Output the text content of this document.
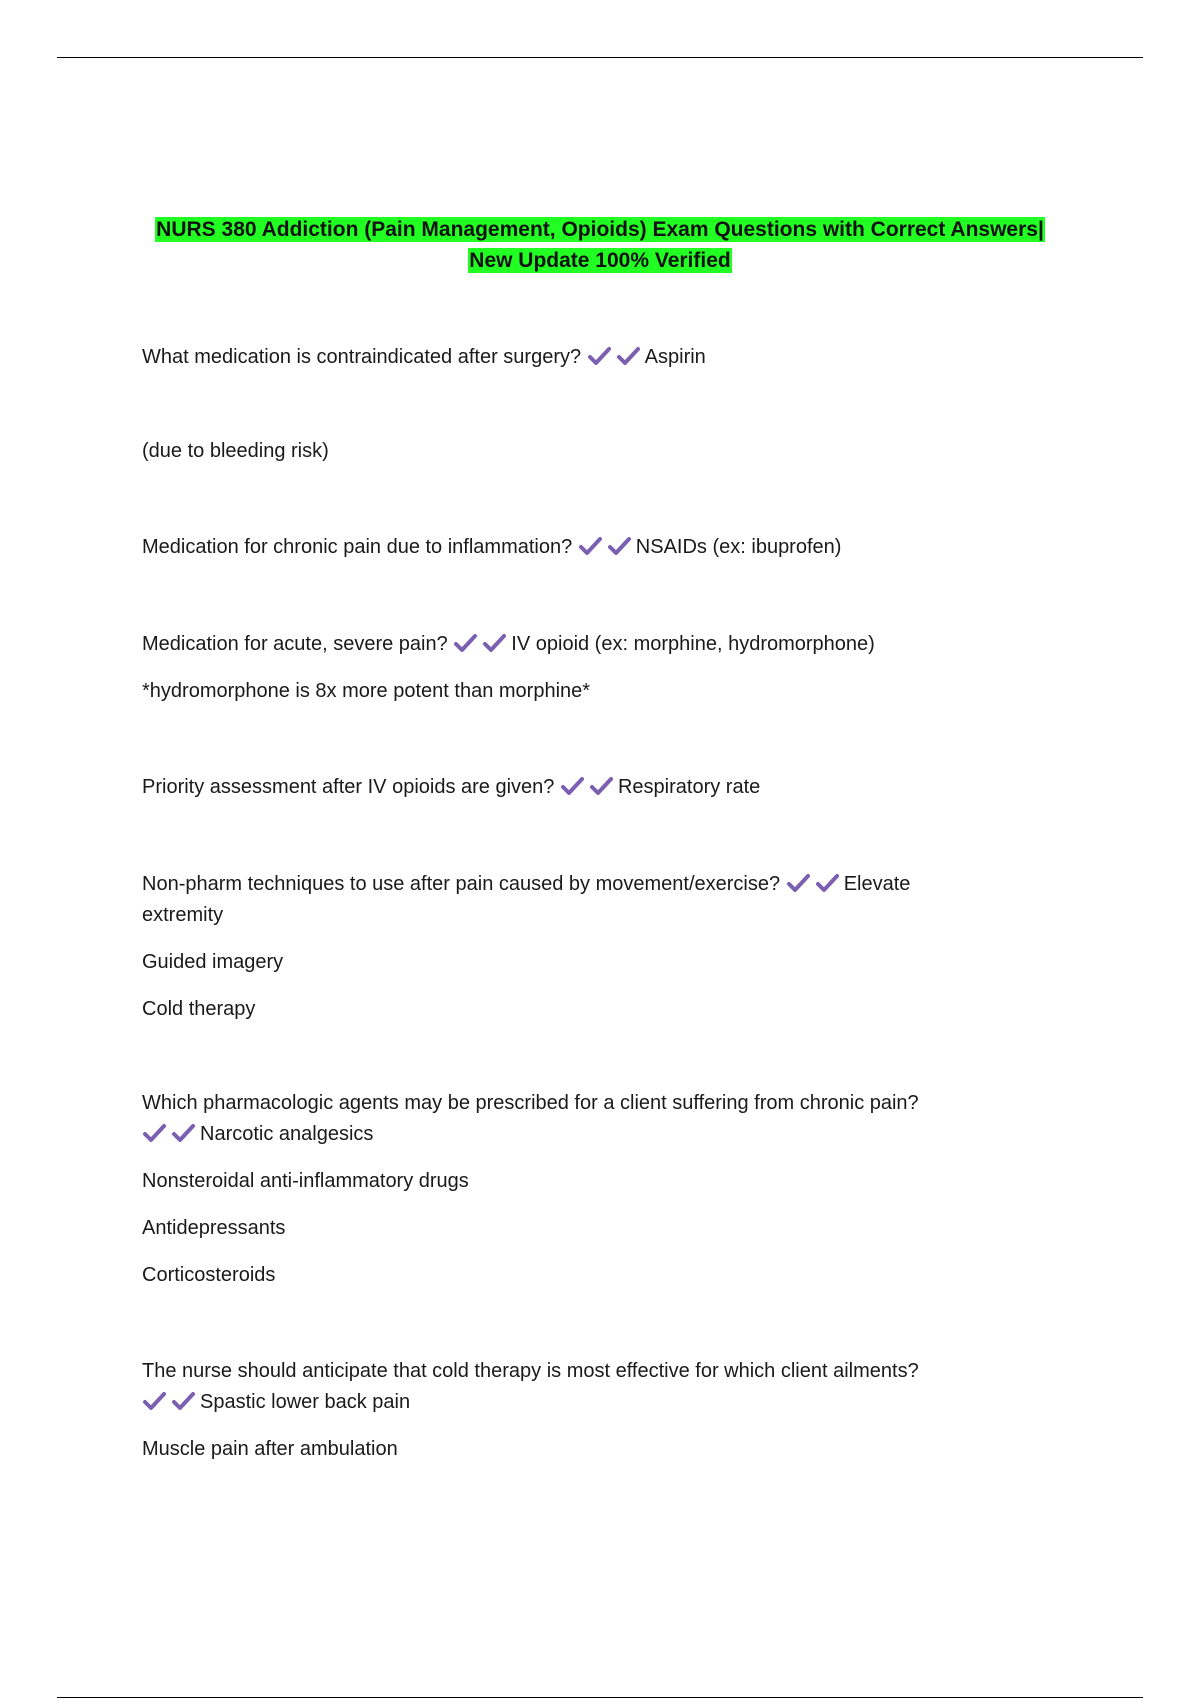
NURS 380 Addiction (Pain Management, Opioids) Exam Questions with Correct Answers|
New Update 100% Verified
What medication is contraindicated after surgery?	Aspirin
(due to bleeding risk)
Medication for chronic pain due to inflammation?	NSAIDs (ex: ibuprofen)
Medication for acute, severe pain?	IV opioid (ex: morphine, hydromorphone)
*hydromorphone is 8x more potent than morphine*
Priority assessment after IV opioids are given?	Respiratory rate
Non-pharm techniques to use after pain caused by movement/exercise?	Elevate
extremity
Guided imagery
Cold therapy
Which pharmacologic agents may be prescribed for a client suffering from chronic pain?
Narcotic analgesics
Nonsteroidal anti-inflammatory drugs
Antidepressants
Corticosteroids
The nurse should anticipate that cold therapy is most effective for which client ailments?
Spastic lower back pain
Muscle pain after ambulation
